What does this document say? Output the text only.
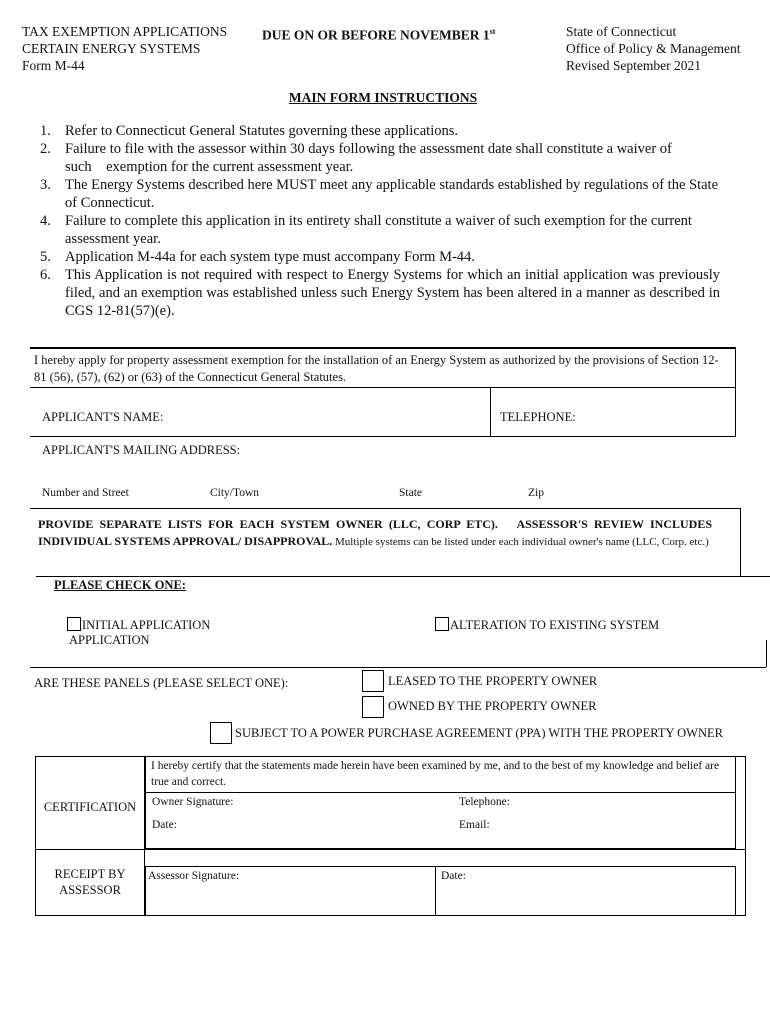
TAX EXEMPTION APPLICATIONS
CERTAIN ENERGY SYSTEMS
Form M-44
DUE ON OR BEFORE NOVEMBER 1st	State of Connecticut
Office of Policy & Management
Revised September 2021
MAIN FORM INSTRUCTIONS
1. Refer to Connecticut General Statutes governing these applications.
2. Failure to file with the assessor within 30 days following the assessment date shall constitute a waiver of such    exemption for the current assessment year.
3. The Energy Systems described here MUST meet any applicable standards established by regulations of the State of Connecticut.
4. Failure to complete this application in its entirety shall constitute a waiver of such exemption for the current assessment year.
5. Application M-44a for each system type must accompany Form M-44.
6. This Application is not required with respect to Energy Systems for which an initial application was previously filed, and an exemption was established unless such Energy System has been altered in a manner as described in CGS 12-81(57)(e).
I hereby apply for property assessment exemption for the installation of an Energy System as authorized by the provisions of Section 12-81 (56), (57), (62) or (63) of the Connecticut General Statutes.
APPLICANT'S NAME:	TELEPHONE:
APPLICANT'S MAILING ADDRESS:
Number and Street	City/Town	State	Zip
PROVIDE SEPARATE LISTS FOR EACH SYSTEM OWNER (LLC, CORP ETC).   ASSESSOR'S REVIEW INCLUDES INDIVIDUAL SYSTEMS APPROVAL/ DISAPPROVAL. Multiple systems can be listed under each individual owner's name (LLC, Corp. etc.)
PLEASE CHECK ONE:
INITIAL APPLICATION
APPLICATION
ALTERATION TO EXISTING SYSTEM
ARE THESE PANELS (PLEASE SELECT ONE):	LEASED TO THE PROPERTY OWNER
OWNED BY THE PROPERTY OWNER
SUBJECT TO A POWER PURCHASE AGREEMENT (PPA) WITH THE PROPERTY OWNER
CERTIFICATION
I hereby certify that the statements made herein have been examined by me, and to the best of my knowledge and belief are true and correct.
Owner Signature:	Telephone:
Date:	Email:
RECEIPT BY
ASSESSOR
Assessor Signature:	Date:
